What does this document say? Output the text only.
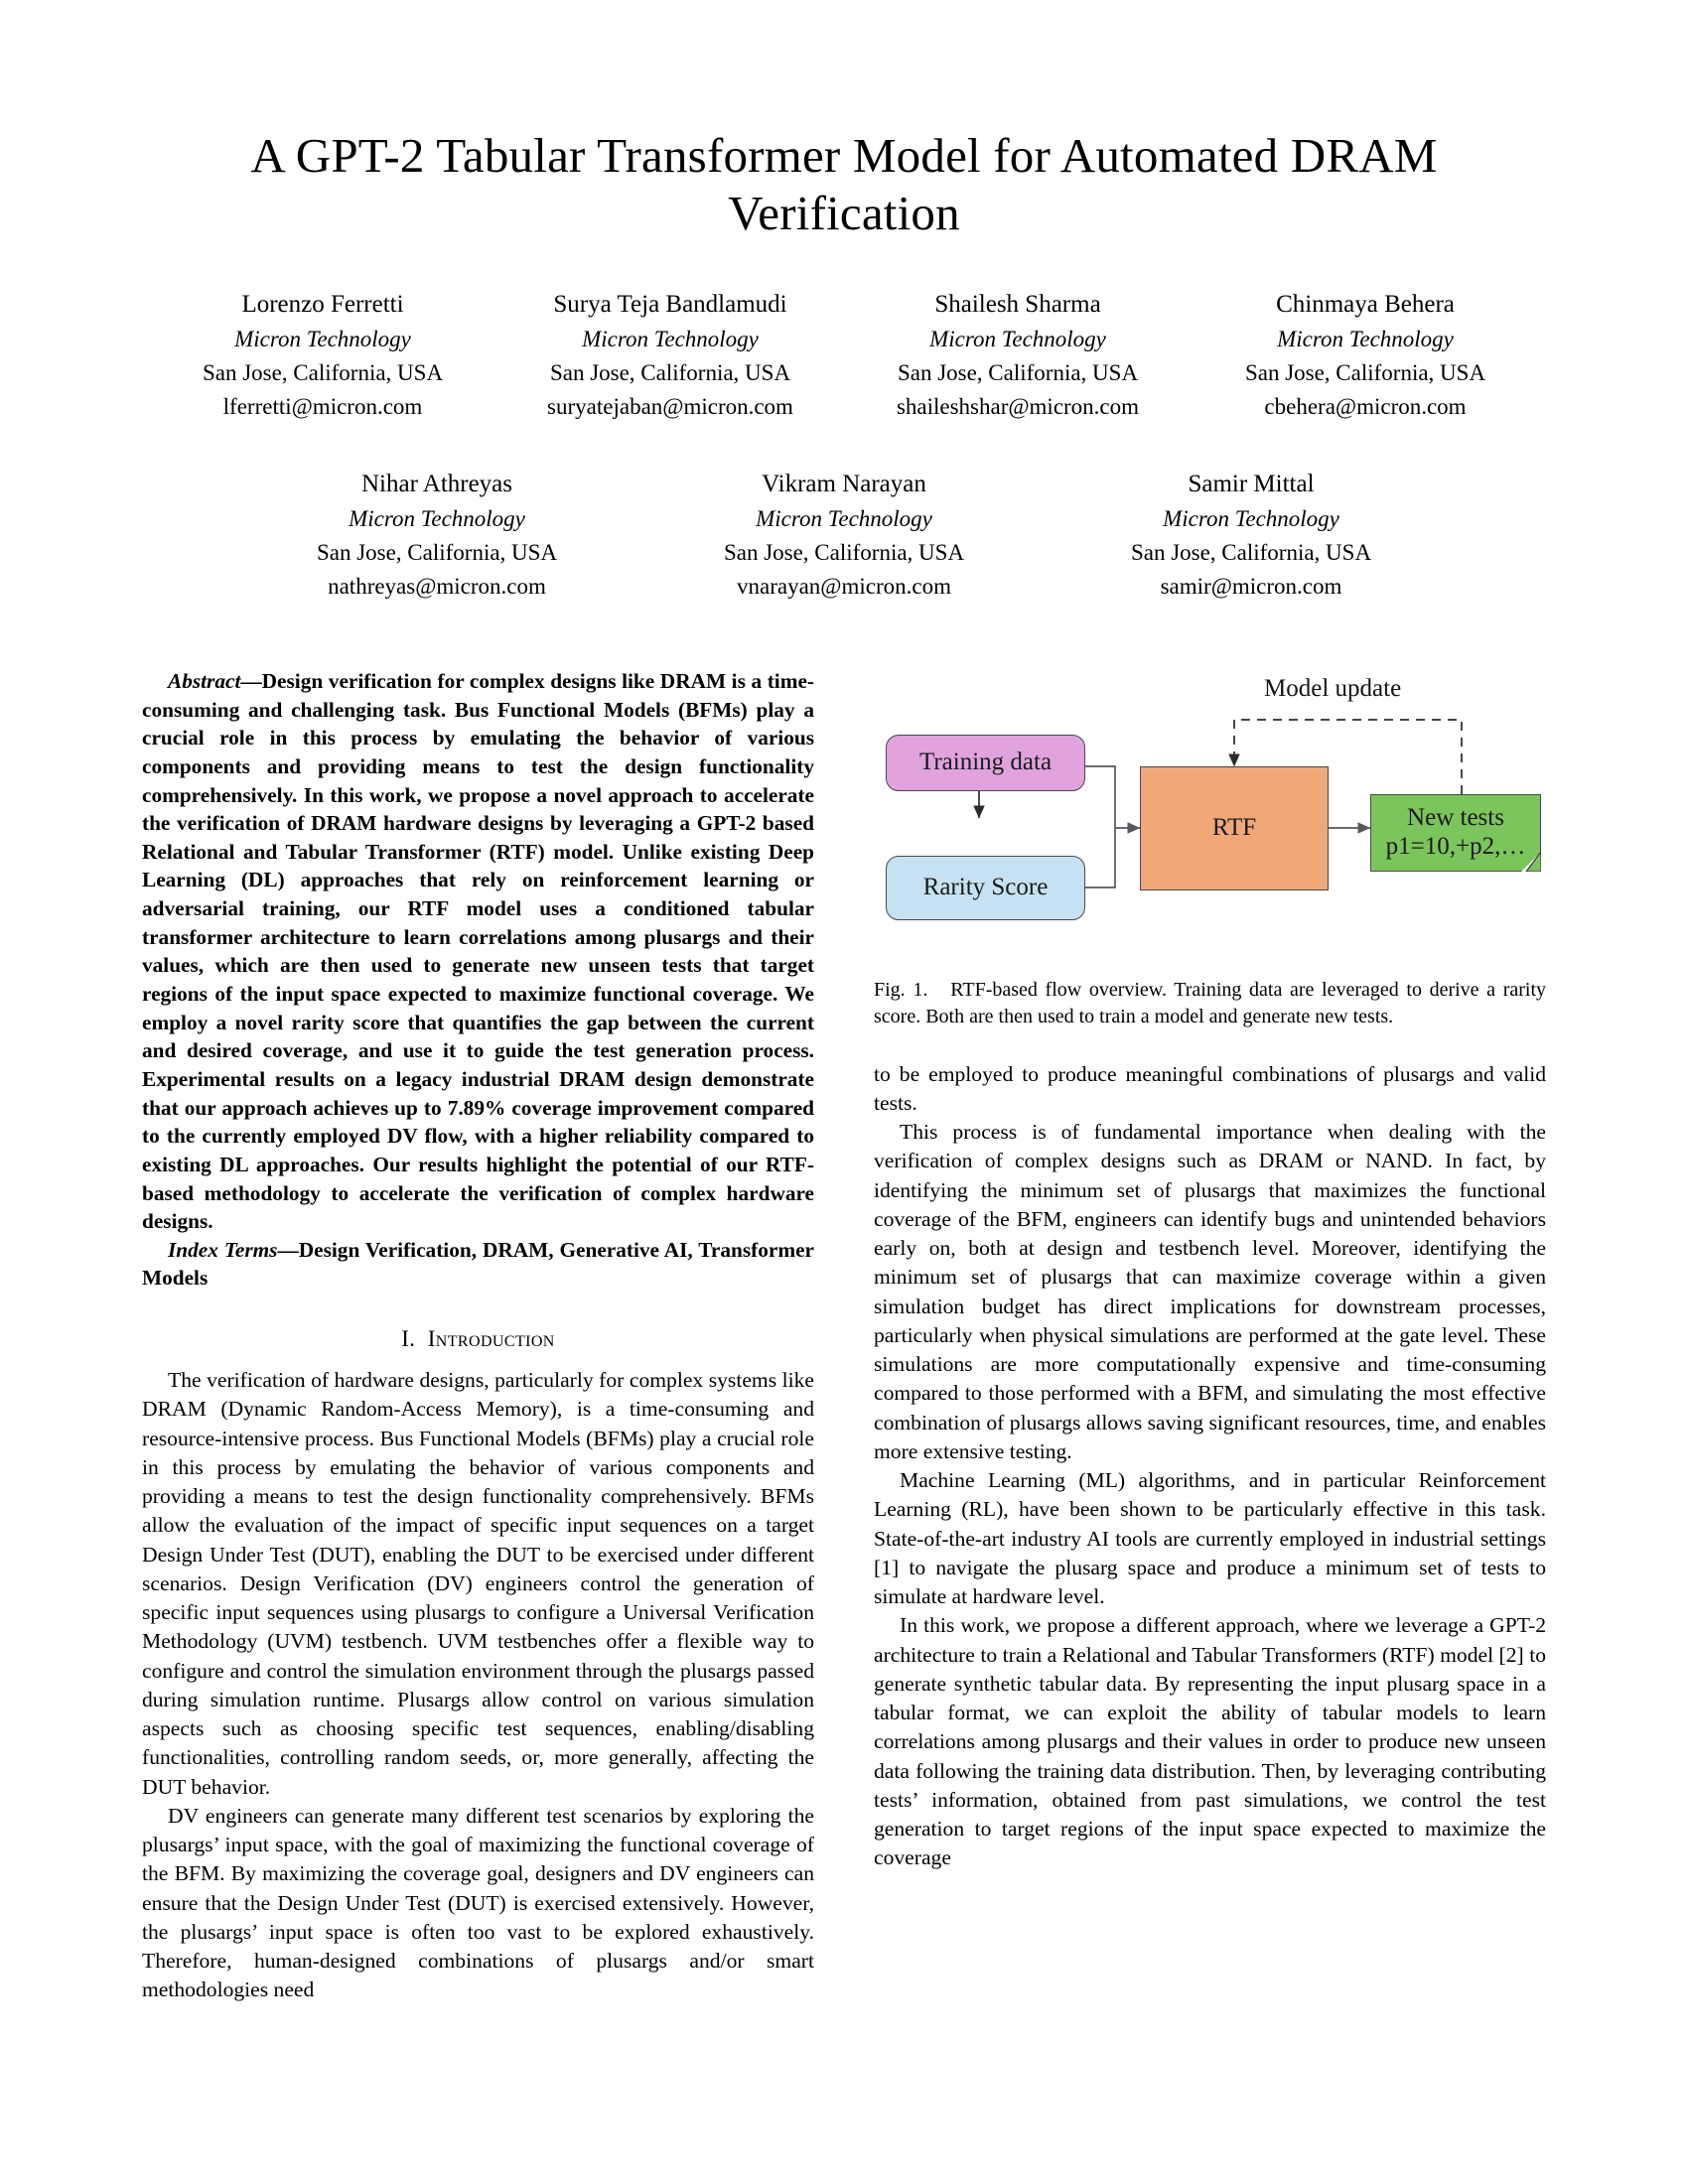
A GPT-2 Tabular Transformer Model for Automated DRAM Verification
Lorenzo Ferretti
Micron Technology
San Jose, California, USA
lferretti@micron.com
Surya Teja Bandlamudi
Micron Technology
San Jose, California, USA
suryatejaban@micron.com
Shailesh Sharma
Micron Technology
San Jose, California, USA
shaileshshar@micron.com
Chinmaya Behera
Micron Technology
San Jose, California, USA
cbehera@micron.com
Nihar Athreyas
Micron Technology
San Jose, California, USA
nathreyas@micron.com
Vikram Narayan
Micron Technology
San Jose, California, USA
vnarayan@micron.com
Samir Mittal
Micron Technology
San Jose, California, USA
samir@micron.com

Abstract—Design verification for complex designs like DRAM is a time-consuming and challenging task. Bus Functional Models (BFMs) play a crucial role in this process by emulating the behavior of various components and providing means to test the design functionality comprehensively. In this work, we propose a novel approach to accelerate the verification of DRAM hardware designs by leveraging a GPT-2 based Relational and Tabular Transformer (RTF) model. Unlike existing Deep Learning (DL) approaches that rely on reinforcement learning or adversarial training, our RTF model uses a conditioned tabular transformer architecture to learn correlations among plusargs and their values, which are then used to generate new unseen tests that target regions of the input space expected to maximize functional coverage. We employ a novel rarity score that quantifies the gap between the current and desired coverage, and use it to guide the test generation process. Experimental results on a legacy industrial DRAM design demonstrate that our approach achieves up to 7.89% coverage improvement compared to the currently employed DV flow, with a higher reliability compared to existing DL approaches. Our results highlight the potential of our RTF-based methodology to accelerate the verification of complex hardware designs.

Index Terms—Design Verification, DRAM, Generative AI, Transformer Models

I. Introduction

The verification of hardware designs, particularly for complex systems like DRAM (Dynamic Random-Access Memory), is a time-consuming and resource-intensive process. Bus Functional Models (BFMs) play a crucial role in this process by emulating the behavior of various components and providing a means to test the design functionality comprehensively. BFMs allow the evaluation of the impact of specific input sequences on a target Design Under Test (DUT), enabling the DUT to be exercised under different scenarios. Design Verification (DV) engineers control the generation of specific input sequences using plusargs to configure a Universal Verification Methodology (UVM) testbench. UVM testbenches offer a flexible way to configure and control the simulation environment through the plusargs passed during simulation runtime. Plusargs allow control on various simulation aspects such as choosing specific test sequences, enabling/disabling functionalities, controlling random seeds, or, more generally, affecting the DUT behavior.

DV engineers can generate many different test scenarios by exploring the plusargs’ input space, with the goal of maximizing the functional coverage of the BFM. By maximizing the coverage goal, designers and DV engineers can ensure that the Design Under Test (DUT) is exercised extensively. However, the plusargs’ input space is often too vast to be explored exhaustively. Therefore, human-designed combinations of plusargs and/or smart methodologies need

Model update
Training data
Rarity Score
RTF	New tests
p1=10,+p2,…
Fig. 1. RTF-based flow overview. Training data are leveraged to derive a rarity score. Both are then used to train a model and generate new tests.

to be employed to produce meaningful combinations of plusargs and valid tests.

This process is of fundamental importance when dealing with the verification of complex designs such as DRAM or NAND. In fact, by identifying the minimum set of plusargs that maximizes the functional coverage of the BFM, engineers can identify bugs and unintended behaviors early on, both at design and testbench level. Moreover, identifying the minimum set of plusargs that can maximize coverage within a given simulation budget has direct implications for downstream processes, particularly when physical simulations are performed at the gate level. These simulations are more computationally expensive and time-consuming compared to those performed with a BFM, and simulating the most effective combination of plusargs allows saving significant resources, time, and enables more extensive testing.

Machine Learning (ML) algorithms, and in particular Reinforcement Learning (RL), have been shown to be particularly effective in this task. State-of-the-art industry AI tools are currently employed in industrial settings [1] to navigate the plusarg space and produce a minimum set of tests to simulate at hardware level.

In this work, we propose a different approach, where we leverage a GPT-2 architecture to train a Relational and Tabular Transformers (RTF) model [2] to generate synthetic tabular data. By representing the input plusarg space in a tabular format, we can exploit the ability of tabular models to learn correlations among plusargs and their values in order to produce new unseen data following the training data distribution. Then, by leveraging contributing tests’ information, obtained from past simulations, we control the test generation to target regions of the input space expected to maximize the coverage
